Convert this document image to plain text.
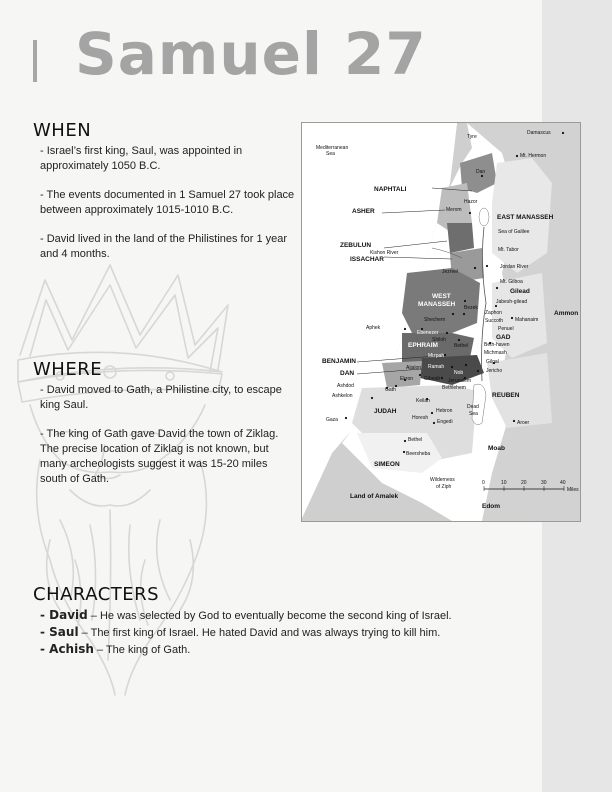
Samuel 27
WHEN

- Israel’s first king, Saul, was appointed in approximately 1050 B.C.

- The events documented in 1 Samuel 27 took place between approximately 1015-1010 B.C.

- David lived in the land of the Philistines for 1 year and 4 months.

WHERE

- David moved to Gath, a Philistine city, to escape king Saul.

- The king of Gath gave David the town of Ziklag. The precise location of Ziklag is not known, but many archeologists suggest it was 15-20 miles south of Gath.

CHARACTERS
- David – He was selected by God to eventually become the second king of Israel.
- Saul – The first king of Israel. He hated David and was always trying to kill him.
- Achish – The king of Gath.
Mediterranean Sea
Tyre
Damascus
Mt. Hermon
Dan
NAPHTALI
Hazor
Merom
ASHER
EAST MANASSEH
Sea of Galilee
ZEBULUN
Kishon River	Mt. Tabor
ISSACHAR
Jordan River
Jezreel
Mt. Gilboa
Gilead
Jabesh-gilead
WEST
MANASSEH Bezek
Zaphon
Succoth Mahanaim
Ammon
Shechem
Penuel
Aphek
Ebenezer
Shiloh	GAD
EPHRAIM	Bethel	Beth-haven
Michmash
BENJAMIN
Mizpah
Gilgal
Aijalon Ramah
Nob	Jericho
DAN
Ekron Gibeah Jerusalem
Bethlehem
Ashdod
Gath
Ashkelon	REUBEN
Keilah
JUDAH	Hebron
Dead
Sea
Horesh
Engedi	Aroer
Gaza
Bethel
Beersheba
Moab
SIMEON
Wilderness
of Ziph
Land of Amalek
Edom
0	10	20	30	40
Miles
